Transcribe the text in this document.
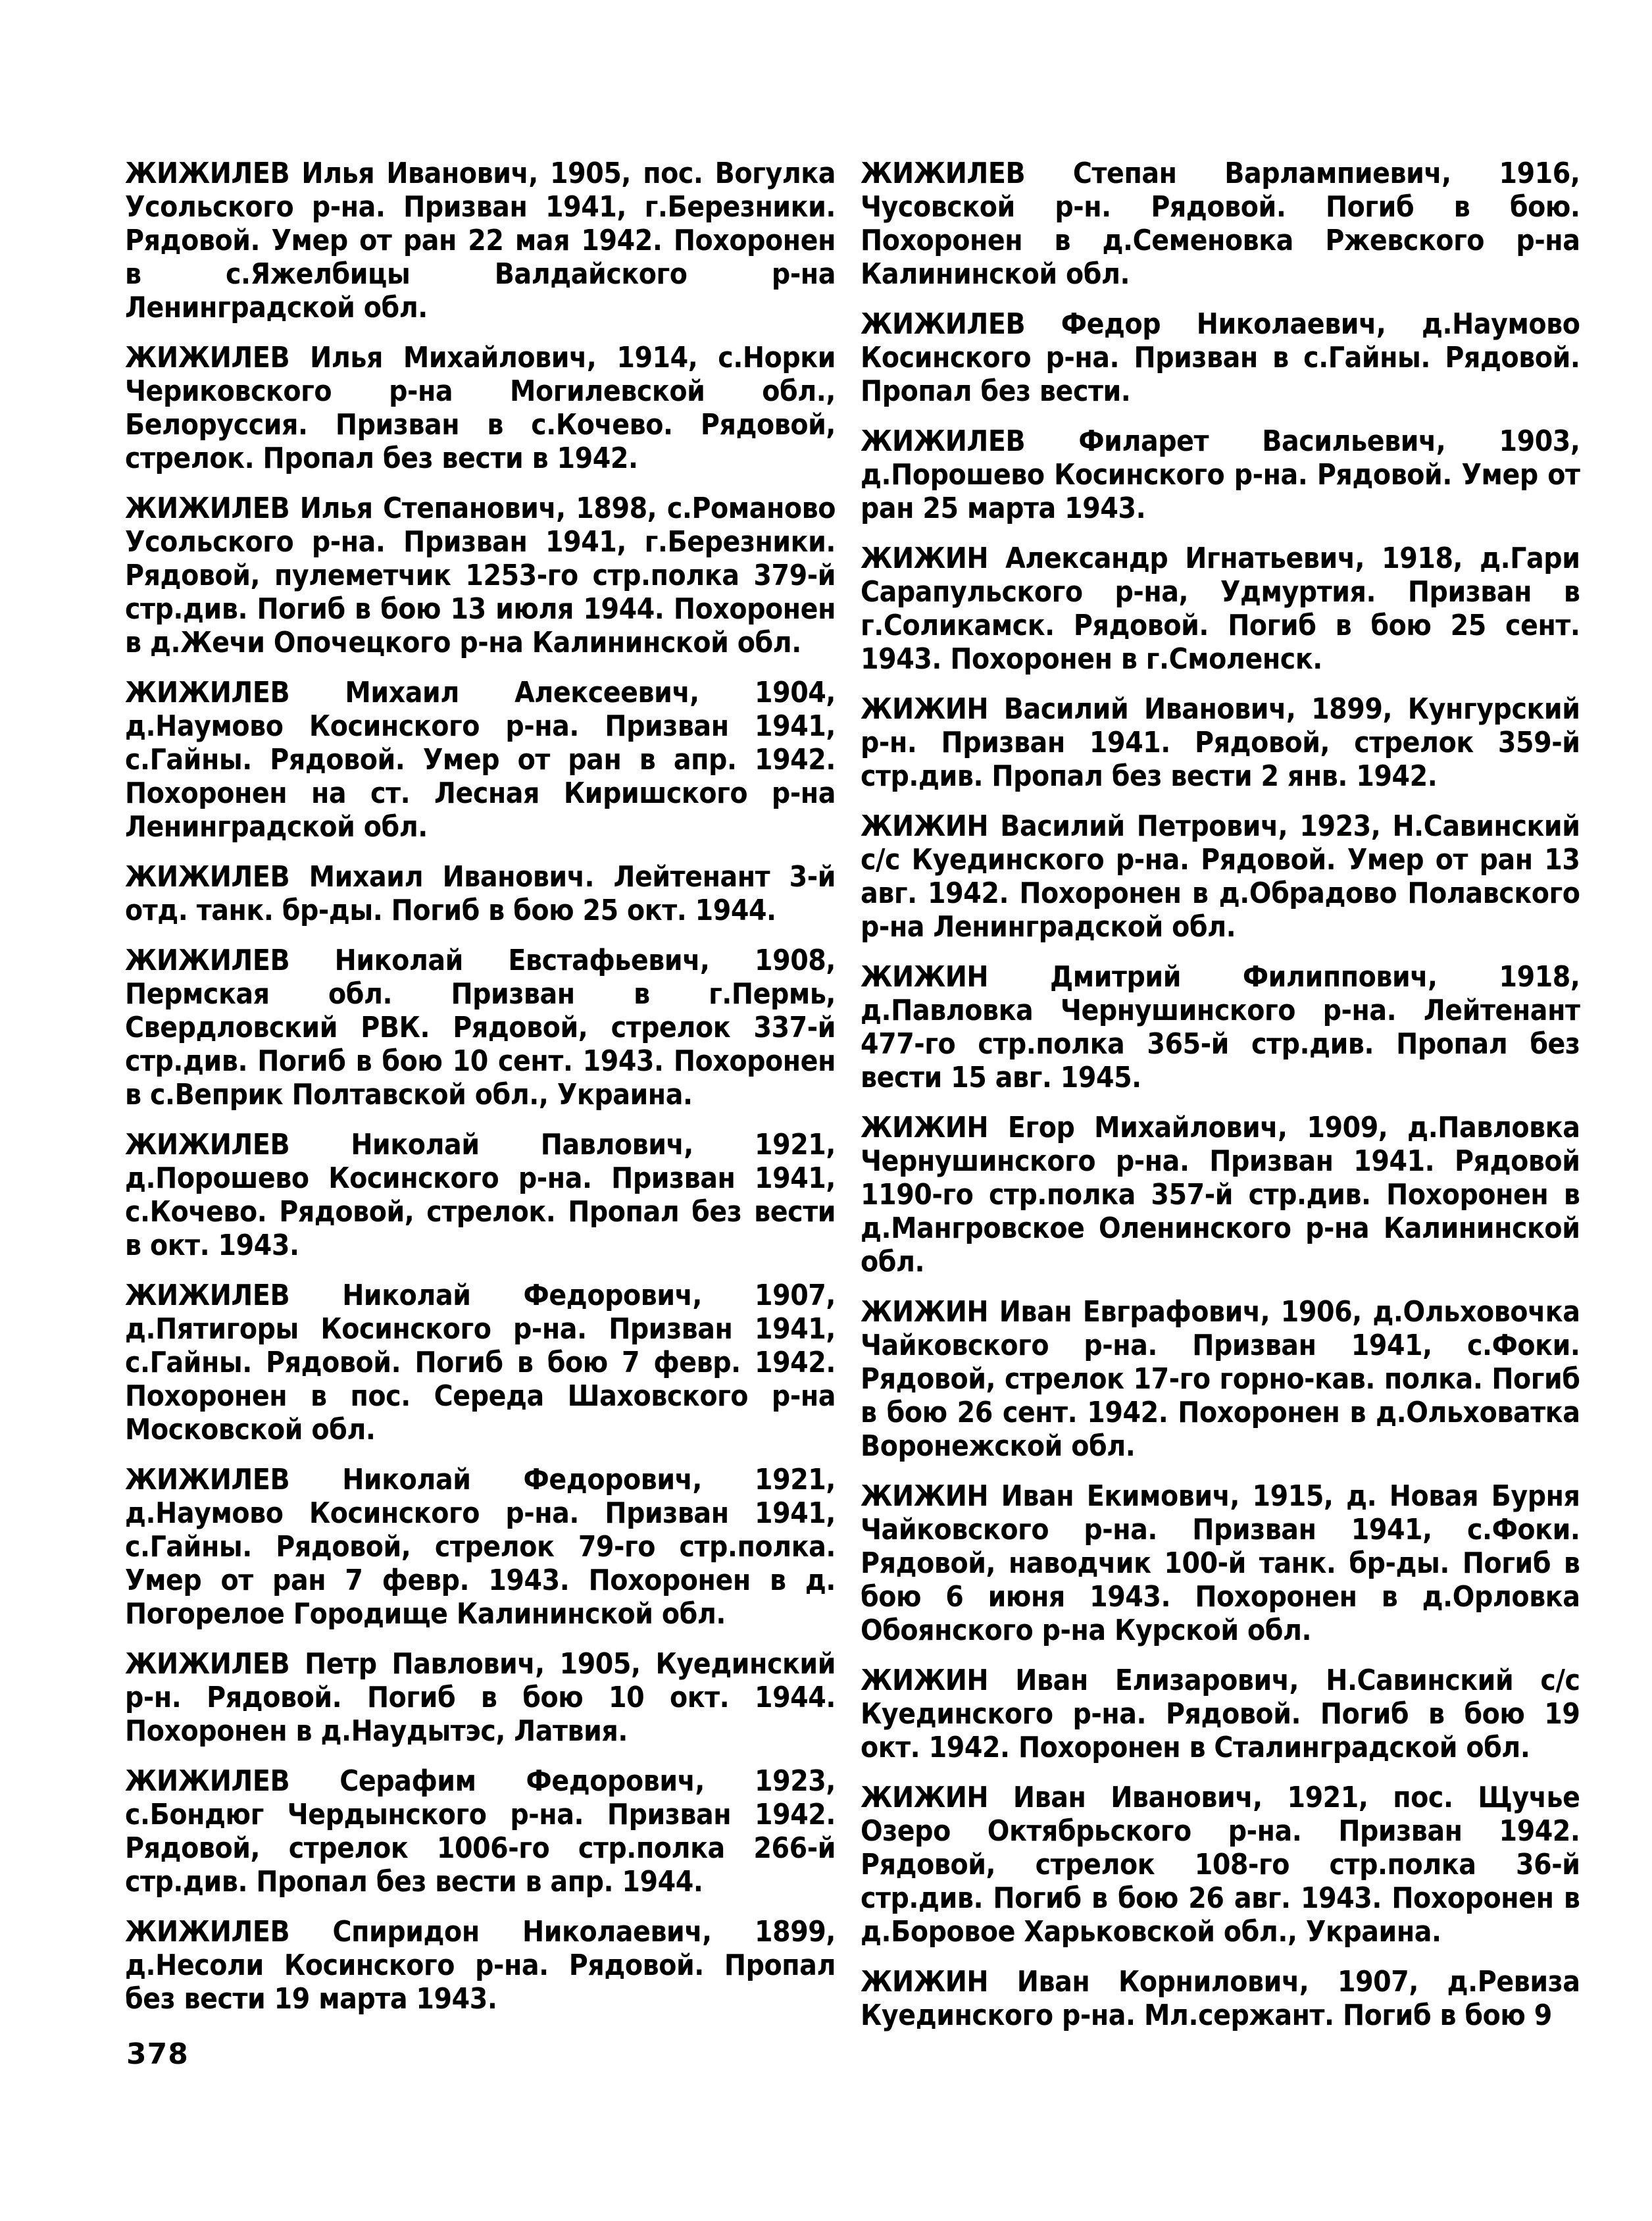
ЖИЖИЛЕВ Илья Иванович, 1905, пос. Вогулка Усольского р-на. Призван 1941, г.Березники. Рядовой. Умер от ран 22 мая 1942. Похоронен в с.Яжелбицы Валдайского р-на Ленинградской обл.

ЖИЖИЛЕВ Илья Михайлович, 1914, с.Норки Чериковского р-на Могилевской обл., Белоруссия. Призван в с.Кочево. Рядовой, стрелок. Пропал без вести в 1942.

ЖИЖИЛЕВ Илья Степанович, 1898, с.Романово Усольского р-на. Призван 1941, г.Березники. Рядовой, пулеметчик 1253-го стр.полка 379-й стр.див. Погиб в бою 13 июля 1944. Похоронен в д.Жечи Опочецкого р-на Калининской обл.

ЖИЖИЛЕВ Михаил Алексеевич, 1904, д.Наумово Косинского р-на. Призван 1941, с.Гайны. Рядовой. Умер от ран в апр. 1942. Похоронен на ст. Лесная Киришского р-на Ленинградской обл.

ЖИЖИЛЕВ Михаил Иванович. Лейтенант 3-й отд. танк. бр-ды. Погиб в бою 25 окт. 1944.

ЖИЖИЛЕВ Николай Евстафьевич, 1908, Пермская обл. Призван в г.Пермь, Свердловский РВК. Рядовой, стрелок 337-й стр.див. Погиб в бою 10 сент. 1943. Похоронен в с.Веприк Полтавской обл., Украина.

ЖИЖИЛЕВ Николай Павлович, 1921, д.Порошево Косинского р-на. Призван 1941, с.Кочево. Рядовой, стрелок. Пропал без вести в окт. 1943.

ЖИЖИЛЕВ Николай Федорович, 1907, д.Пятигоры Косинского р-на. Призван 1941, с.Гайны. Рядовой. Погиб в бою 7 февр. 1942. Похоронен в пос. Середа Шаховского р-на Московской обл.

ЖИЖИЛЕВ Николай Федорович, 1921, д.Наумово Косинского р-на. Призван 1941, с.Гайны. Рядовой, стрелок 79-го стр.полка. Умер от ран 7 февр. 1943. Похоронен в д. Погорелое Городище Калининской обл.

ЖИЖИЛЕВ Петр Павлович, 1905, Куединский р-н. Рядовой. Погиб в бою 10 окт. 1944. Похоронен в д.Наудытэс, Латвия.

ЖИЖИЛЕВ Серафим Федорович, 1923, с.Бондюг Чердынского р-на. Призван 1942. Рядовой, стрелок 1006-го стр.полка 266-й стр.див. Пропал без вести в апр. 1944.

ЖИЖИЛЕВ Спиридон Николаевич, 1899, д.Несоли Косинского р-на. Рядовой. Пропал без вести 19 марта 1943.

ЖИЖИЛЕВ Степан Варлампиевич, 1916, Чусовской р-н. Рядовой. Погиб в бою. Похоронен в д.Семеновка Ржевского р-на Калининской обл.

ЖИЖИЛЕВ Федор Николаевич, д.Наумово Косинского р-на. Призван в с.Гайны. Рядовой. Пропал без вести.

ЖИЖИЛЕВ Филарет Васильевич, 1903, д.Порошево Косинского р-на. Рядовой. Умер от ран 25 марта 1943.

ЖИЖИН Александр Игнатьевич, 1918, д.Гари Сарапульского р-на, Удмуртия. Призван в г.Соликамск. Рядовой. Погиб в бою 25 сент. 1943. Похоронен в г.Смоленск.

ЖИЖИН Василий Иванович, 1899, Кунгурский р-н. Призван 1941. Рядовой, стрелок 359-й стр.див. Пропал без вести 2 янв. 1942.

ЖИЖИН Василий Петрович, 1923, Н.Савинский с/с Куединского р-на. Рядовой. Умер от ран 13 авг. 1942. Похоронен в д.Обрадово Полавского р-на Ленинградской обл.

ЖИЖИН Дмитрий Филиппович, 1918, д.Павловка Чернушинского р-на. Лейтенант 477-го стр.полка 365-й стр.див. Пропал без вести 15 авг. 1945.

ЖИЖИН Егор Михайлович, 1909, д.Павловка Чернушинского р-на. Призван 1941. Рядовой 1190-го стр.полка 357-й стр.див. Похоронен в д.Мангровское Оленинского р-на Калининской обл.

ЖИЖИН Иван Евграфович, 1906, д.Ольховочка Чайковского р-на. Призван 1941, с.Фоки. Рядовой, стрелок 17-го горно-кав. полка. Погиб в бою 26 сент. 1942. Похоронен в д.Ольховатка Воронежской обл.

ЖИЖИН Иван Екимович, 1915, д. Новая Бурня Чайковского р-на. Призван 1941, с.Фоки. Рядовой, наводчик 100-й танк. бр-ды. Погиб в бою 6 июня 1943. Похоронен в д.Орловка Обоянского р-на Курской обл.

ЖИЖИН Иван Елизарович, Н.Савинский с/с Куединского р-на. Рядовой. Погиб в бою 19 окт. 1942. Похоронен в Сталинградской обл.

ЖИЖИН Иван Иванович, 1921, пос. Щучье Озеро Октябрьского р-на. Призван 1942. Рядовой, стрелок 108-го стр.полка 36-й стр.див. Погиб в бою 26 авг. 1943. Похоронен в д.Боровое Харьковской обл., Украина.

ЖИЖИН Иван Корнилович, 1907, д.Ревиза Куединского р-на. Мл.сержант. Погиб в бою 9

378
